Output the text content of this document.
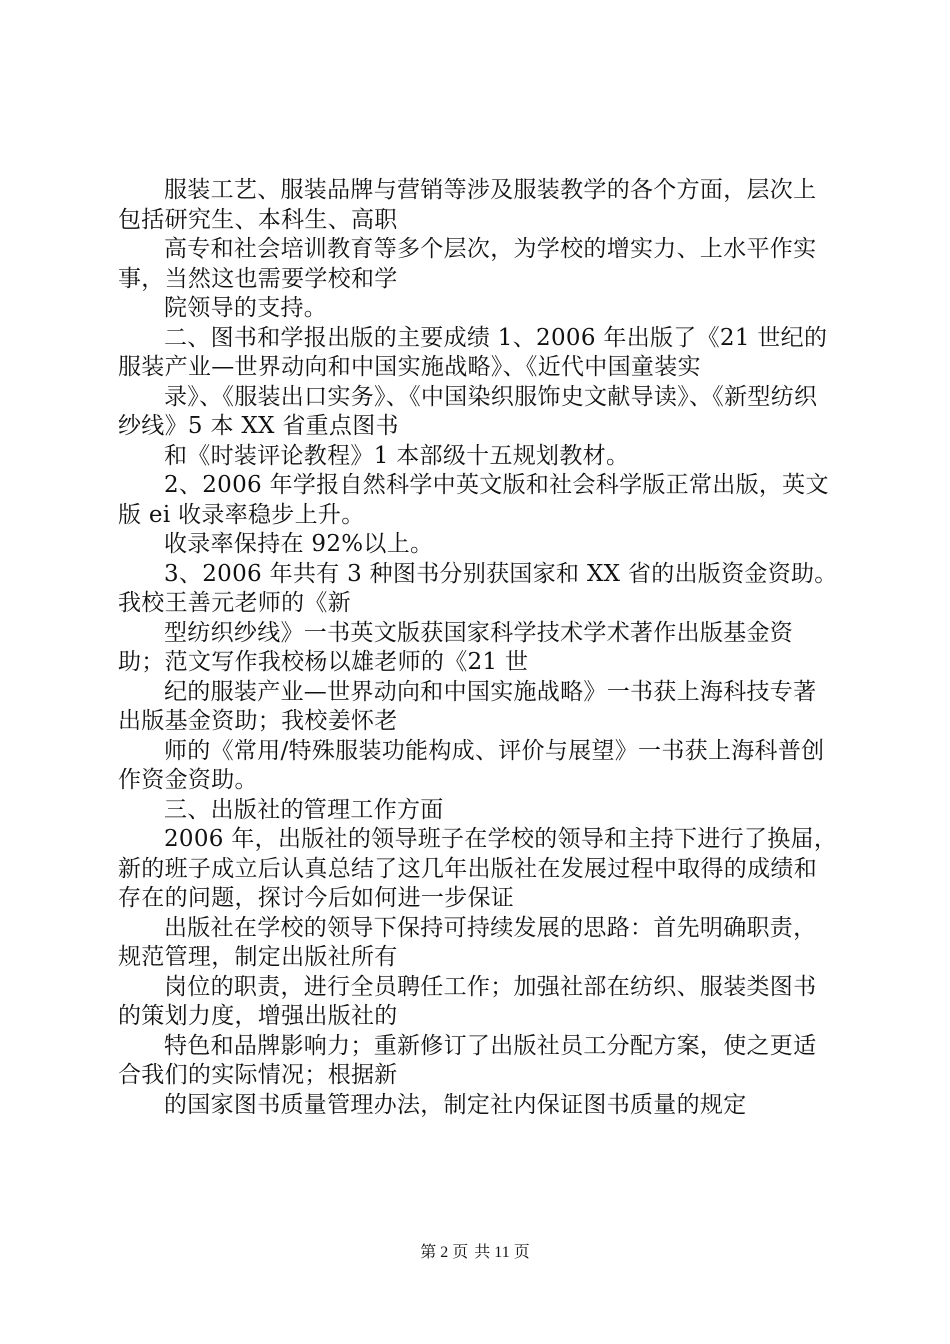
服装工艺、服装品牌与营销等涉及服装教学的各个方面，层次上包括研究生、本科生、高职

高专和社会培训教育等多个层次，为学校的增实力、上水平作实事，当然这也需要学校和学

院领导的支持。

二、图书和学报出版的主要成绩 1、2006 年出版了《21 世纪的服装产业—世界动向和中国实施战略》、《近代中国童装实

录》、《服装出口实务》、《中国染织服饰史文献导读》、《新型纺织纱线》5 本 XX 省重点图书

和《时装评论教程》1 本部级十五规划教材。

2、2006 年学报自然科学中英文版和社会科学版正常出版，英文版 ei 收录率稳步上升。

收录率保持在 92%以上。

3、2006 年共有 3 种图书分别获国家和 XX 省的出版资金资助。我校王善元老师的《新

型纺织纱线》一书英文版获国家科学技术学术著作出版基金资助；范文写作我校杨以雄老师的《21 世

纪的服装产业—世界动向和中国实施战略》一书获上海科技专著出版基金资助；我校姜怀老

师的《常用/特殊服装功能构成、评价与展望》一书获上海科普创作资金资助。

三、出版社的管理工作方面

2006 年，出版社的领导班子在学校的领导和主持下进行了换届，新的班子成立后认真总结了这几年出版社在发展过程中取得的成绩和存在的问题，探讨今后如何进一步保证

出版社在学校的领导下保持可持续发展的思路：首先明确职责，规范管理，制定出版社所有

岗位的职责，进行全员聘任工作；加强社部在纺织、服装类图书的策划力度，增强出版社的

特色和品牌影响力；重新修订了出版社员工分配方案，使之更适合我们的实际情况；根据新

的国家图书质量管理办法，制定社内保证图书质量的规定

第 2 页 共 11 页
